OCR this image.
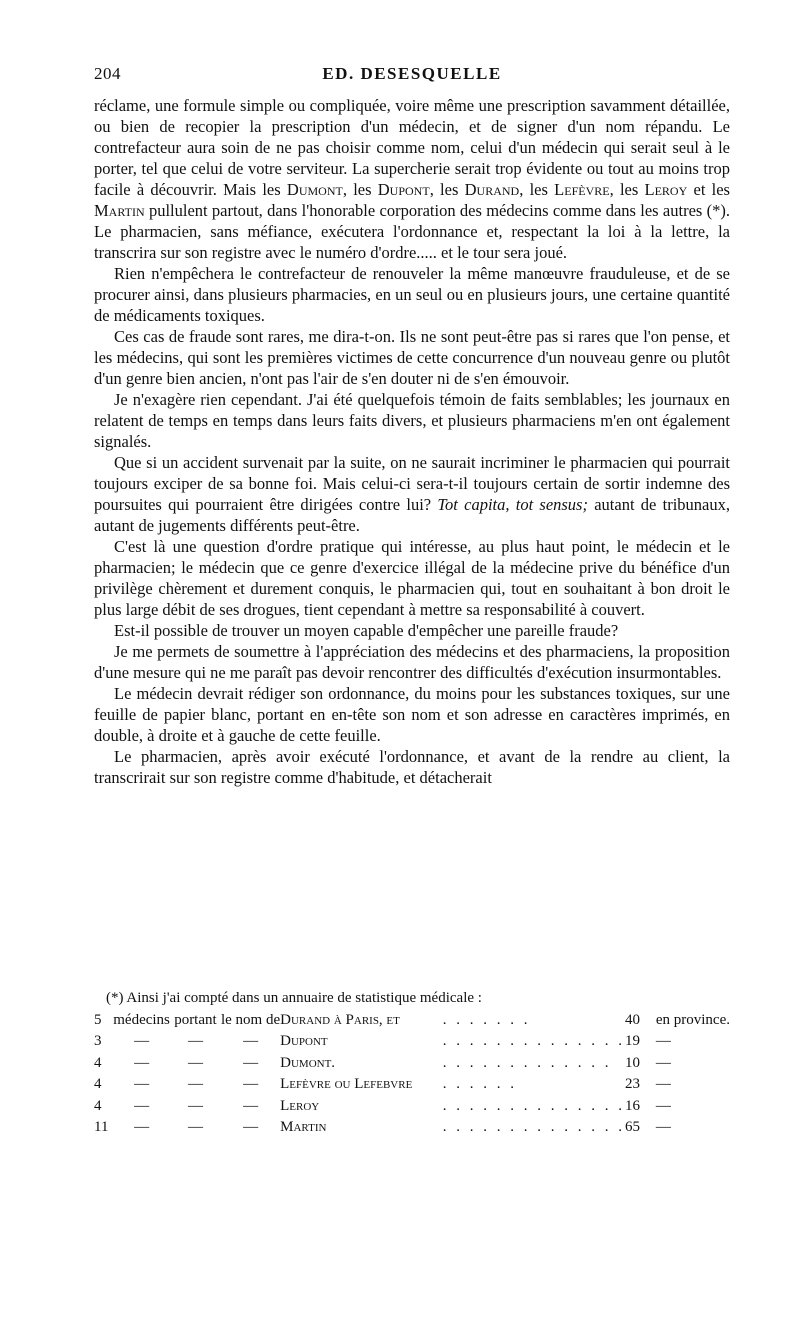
204	ED. DESESQUELLE

réclame, une formule simple ou compliquée, voire même une prescription savamment détaillée, ou bien de recopier la prescription d'un médecin, et de signer d'un nom répandu. Le contrefacteur aura soin de ne pas choisir comme nom, celui d'un médecin qui serait seul à le porter, tel que celui de votre serviteur. La supercherie serait trop évidente ou tout au moins trop facile à découvrir. Mais les Dumont, les Dupont, les Durand, les Lefèvre, les Leroy et les Martin pullulent partout, dans l'honorable corporation des médecins comme dans les autres (*). Le pharmacien, sans méfiance, exécutera l'ordonnance et, respectant la loi à la lettre, la transcrira sur son registre avec le numéro d'ordre..... et le tour sera joué.

Rien n'empêchera le contrefacteur de renouveler la même manœuvre frauduleuse, et de se procurer ainsi, dans plusieurs pharmacies, en un seul ou en plusieurs jours, une certaine quantité de médicaments toxiques.

Ces cas de fraude sont rares, me dira-t-on. Ils ne sont peut-être pas si rares que l'on pense, et les médecins, qui sont les premières victimes de cette concurrence d'un nouveau genre ou plutôt d'un genre bien ancien, n'ont pas l'air de s'en douter ni de s'en émouvoir.

Je n'exagère rien cependant. J'ai été quelquefois témoin de faits semblables; les journaux en relatent de temps en temps dans leurs faits divers, et plusieurs pharmaciens m'en ont également signalés.

Que si un accident survenait par la suite, on ne saurait incriminer le pharmacien qui pourrait toujours exciper de sa bonne foi. Mais celui-ci sera-t-il toujours certain de sortir indemne des poursuites qui pourraient être dirigées contre lui? Tot capita, tot sensus; autant de tribunaux, autant de jugements différents peut-être.

C'est là une question d'ordre pratique qui intéresse, au plus haut point, le médecin et le pharmacien; le médecin que ce genre d'exercice illégal de la médecine prive du bénéfice d'un privilège chèrement et durement conquis, le pharmacien qui, tout en souhaitant à bon droit le plus large débit de ses drogues, tient cependant à mettre sa responsabilité à couvert.

Est-il possible de trouver un moyen capable d'empêcher une pareille fraude?

Je me permets de soumettre à l'appréciation des médecins et des pharmaciens, la proposition d'une mesure qui ne me paraît pas devoir rencontrer des difficultés d'exécution insurmontables.

Le médecin devrait rédiger son ordonnance, du moins pour les substances toxiques, sur une feuille de papier blanc, portant en en-tête son nom et son adresse en caractères imprimés, en double, à droite et à gauche de cette feuille.

Le pharmacien, après avoir exécuté l'ordonnance, et avant de la rendre au client, la transcrirait sur son registre comme d'habitude, et détacherait

(*) Ainsi j'ai compté dans un annuaire de statistique médicale :

5	médecins	portant	le nom de	Durand à Paris, et	. . . . . . .	40	en province.
3	—	—	—	Dupont	. . . . . . . . . . . . . .	19	—
4	—	—	—	Dumont.	. . . . . . . . . . . . .	10	—
4	—	—	—	Lefèvre ou Lefebvre	. . . . . .	23	—
4	—	—	—	Leroy	. . . . . . . . . . . . . .	16	—
11	—	—	—	Martin	. . . . . . . . . . . . . .	65	—
